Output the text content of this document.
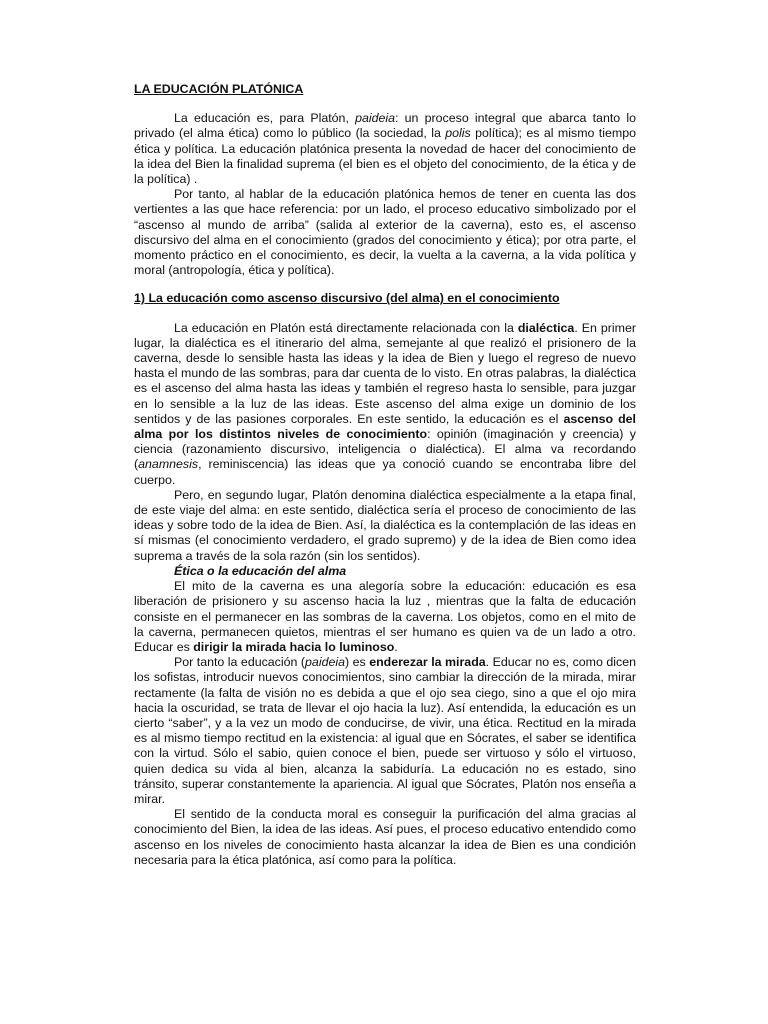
LA EDUCACIÓN PLATÓNICA

La educación es, para Platón, paideia: un proceso integral que abarca tanto lo privado (el alma ética) como lo público (la sociedad, la polis política); es al mismo tiempo ética y política. La educación platónica presenta la novedad de hacer del conocimiento de la idea del Bien la finalidad suprema (el bien es el objeto del conocimiento, de la ética y de la política) .

Por tanto, al hablar de la educación platónica hemos de tener en cuenta las dos vertientes a las que hace referencia: por un lado, el proceso educativo simbolizado por el “ascenso al mundo de arriba” (salida al exterior de la caverna), esto es, el ascenso discursivo del alma en el conocimiento (grados del conocimiento y ética); por otra parte, el momento práctico en el conocimiento, es decir, la vuelta a la caverna, a la vida política y moral (antropología, ética y política).

1) La educación como ascenso discursivo (del alma) en el conocimiento

La educación en Platón está directamente relacionada con la dialéctica. En primer lugar, la dialéctica es el itinerario del alma, semejante al que realizó el prisionero de la caverna, desde lo sensible hasta las ideas y la idea de Bien y luego el regreso de nuevo hasta el mundo de las sombras, para dar cuenta de lo visto. En otras palabras, la dialéctica es el ascenso del alma hasta las ideas y también el regreso hasta lo sensible, para juzgar en lo sensible a la luz de las ideas. Este ascenso del alma exige un dominio de los sentidos y de las pasiones corporales. En este sentido, la educación es el ascenso del alma por los distintos niveles de conocimiento: opinión (imaginación y creencia) y ciencia (razonamiento discursivo, inteligencia o dialéctica). El alma va recordando (anamnesis, reminiscencia) las ideas que ya conoció cuando se encontraba libre del cuerpo.

Pero, en segundo lugar, Platón denomina dialéctica especialmente a la etapa final, de este viaje del alma: en este sentido, dialéctica sería el proceso de conocimiento de las ideas y sobre todo de la idea de Bien. Así, la dialéctica es la contemplación de las ideas en sí mismas (el conocimiento verdadero, el grado supremo) y de la idea de Bien como idea suprema a través de la sola razón (sin los sentidos).

Ética o la educación del alma

El mito de la caverna es una alegoría sobre la educación: educación es esa liberación de prisionero y su ascenso hacia la luz , mientras que la falta de educación consiste en el permanecer en las sombras de la caverna. Los objetos, como en el mito de la caverna, permanecen quietos, mientras el ser humano es quien va de un lado a otro. Educar es dirigir la mirada hacia lo luminoso.

Por tanto la educación (paideia) es enderezar la mirada. Educar no es, como dicen los sofistas, introducir nuevos conocimientos, sino cambiar la dirección de la mirada, mirar rectamente (la falta de visión no es debida a que el ojo sea ciego, sino a que el ojo mira hacia la oscuridad, se trata de llevar el ojo hacia la luz). Así entendida, la educación es un cierto “saber”, y a la vez un modo de conducirse, de vivir, una ética. Rectitud en la mirada es al mismo tiempo rectitud en la existencia: al igual que en Sócrates, el saber se identifica con la virtud. Sólo el sabio, quien conoce el bien, puede ser virtuoso y sólo el virtuoso, quien dedica su vida al bien, alcanza la sabiduría. La educación no es estado, sino tránsito, superar constantemente la apariencia. Al igual que Sócrates, Platón nos enseña a mirar.

El sentido de la conducta moral es conseguir la purificación del alma gracias al conocimiento del Bien, la idea de las ideas. Así pues, el proceso educativo entendido como ascenso en los niveles de conocimiento hasta alcanzar la idea de Bien es una condición necesaria para la ética platónica, así como para la política.
